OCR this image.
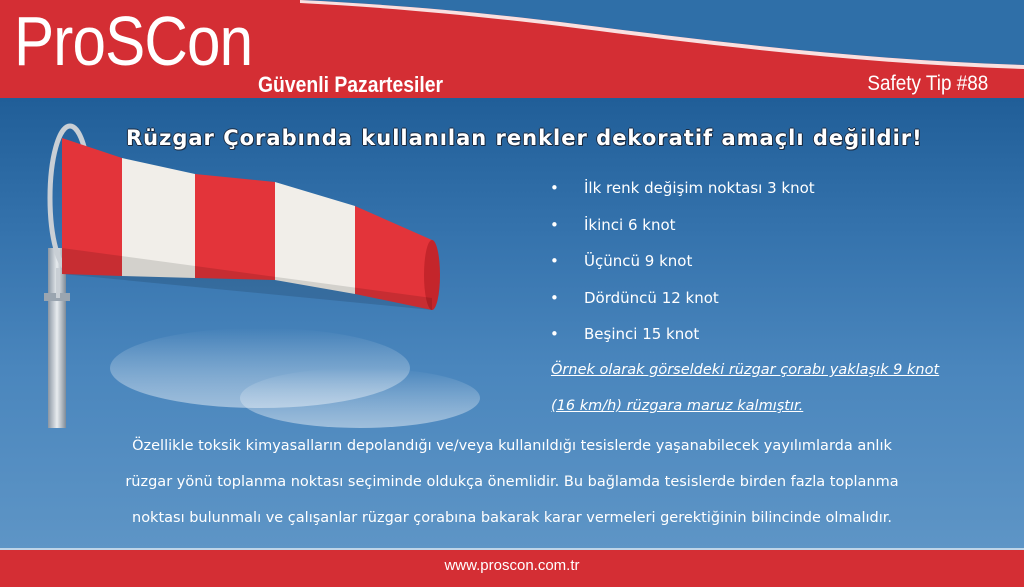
ProSCon
Güvenli Pazartesiler	Safety Tip #88
Rüzgar Çorabında kullanılan renkler dekoratif amaçlı değildir!
• İlk renk değişim noktası 3 knot
• İkinci 6 knot
• Üçüncü 9 knot
• Dördüncü 12 knot
• Beşinci 15 knot
Örnek olarak görseldeki rüzgar çorabı yaklaşık 9 knot
(16 km/h) rüzgara maruz kalmıştır.
Özellikle toksik kimyasalların depolandığı ve/veya kullanıldığı tesislerde yaşanabilecek yayılımlarda anlık
rüzgar yönü toplanma noktası seçiminde oldukça önemlidir. Bu bağlamda tesislerde birden fazla toplanma
noktası bulunmalı ve çalışanlar rüzgar çorabına bakarak karar vermeleri gerektiğinin bilincinde olmalıdır.
www.proscon.com.tr
